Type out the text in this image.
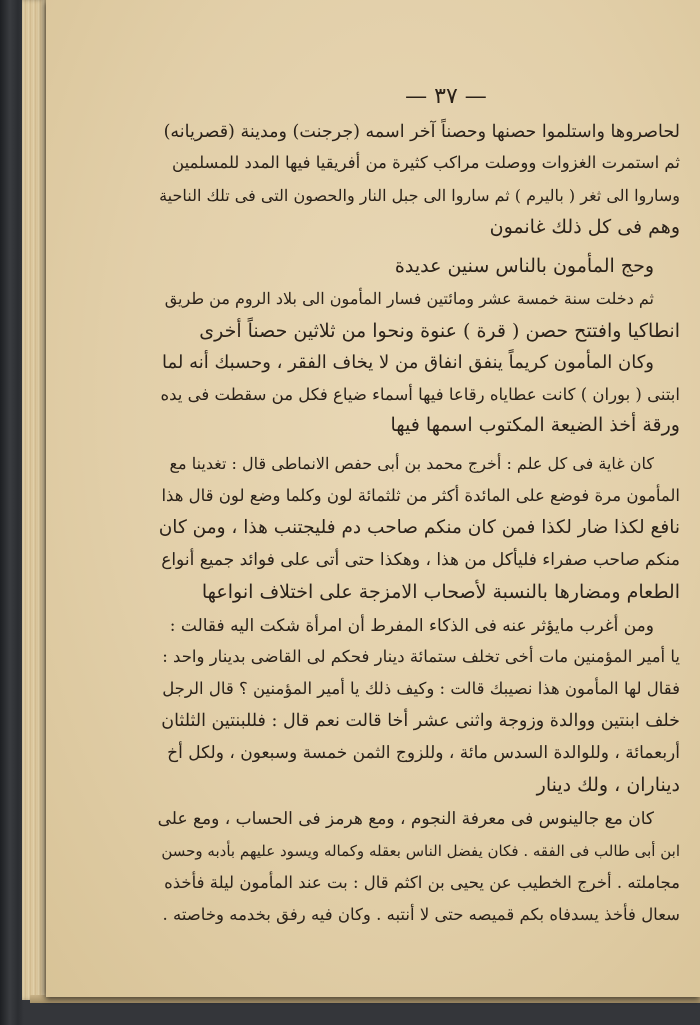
— ٣٧ —
لحاصروها واستلموا حصنها وحصناً آخر اسمه (جرجنت) ومدينة (قصريانه)
ثم استمرت الغزوات ووصلت مراكب كثيرة من أفريقيا فيها المدد للمسلمين
وساروا الى ثغر ( باليرم ) ثم ساروا الى جبل النار والحصون التى فى تلك الناحية
وهم فى كل ذلك غانمون
وحج المأمون بالناس سنين عديدة
ثم دخلت سنة خمسة عشر ومائتين فسار المأمون الى بلاد الروم من طريق
انطاكيا وافتتح حصن ( قرة ) عنوة ونحوا من ثلاثين حصناً أخرى
وكان المأمون كريماً ينفق انفاق من لا يخاف الفقر ، وحسبك أنه لما
ابتنى ( بوران ) كانت عطاياه رقاعا فيها أسماء ضياع فكل من سقطت فى يده
ورقة أخذ الضيعة المكتوب اسمها فيها
كان غاية فى كل علم : أخرج محمد بن أبى حفص الانماطى قال : تغدينا مع
المأمون مرة فوضع على المائدة أكثر من ثلثمائة لون وكلما وضع لون قال هذا
نافع لكذا ضار لكذا فمن كان منكم صاحب دم فليجتنب هذا ، ومن كان
منكم صاحب صفراء فليأكل من هذا ، وهكذا حتى أتى على فوائد جميع أنواع
الطعام ومضارها بالنسبة لأصحاب الامزجة على اختلاف انواعها
ومن أغرب مايؤثر عنه فى الذكاء المفرط أن امرأة شكت اليه فقالت :
يا أمير المؤمنين مات أخى تخلف ستمائة دينار فحكم لى القاضى بدينار واحد :
فقال لها المأمون هذا نصيبك قالت : وكيف ذلك يا أمير المؤمنين ؟ قال الرجل
خلف ابنتين ووالدة وزوجة واثنى عشر أخا قالت نعم قال : فللبنتين الثلثان
أربعمائة ، وللوالدة السدس مائة ، وللزوج الثمن خمسة وسبعون ، ولكل أخ
ديناران ، ولك دينار
كان مع جالينوس فى معرفة النجوم ، ومع هرمز فى الحساب ، ومع على
ابن أبى طالب فى الفقه . فكان يفضل الناس بعقله وكماله ويسود عليهم بأدبه وحسن
مجاملته . أخرج الخطيب عن يحيى بن اكثم قال : بت عند المأمون ليلة فأخذه
سعال فأخذ يسدفاه بكم قميصه حتى لا أنتبه . وكان فيه رفق بخدمه وخاصته .
